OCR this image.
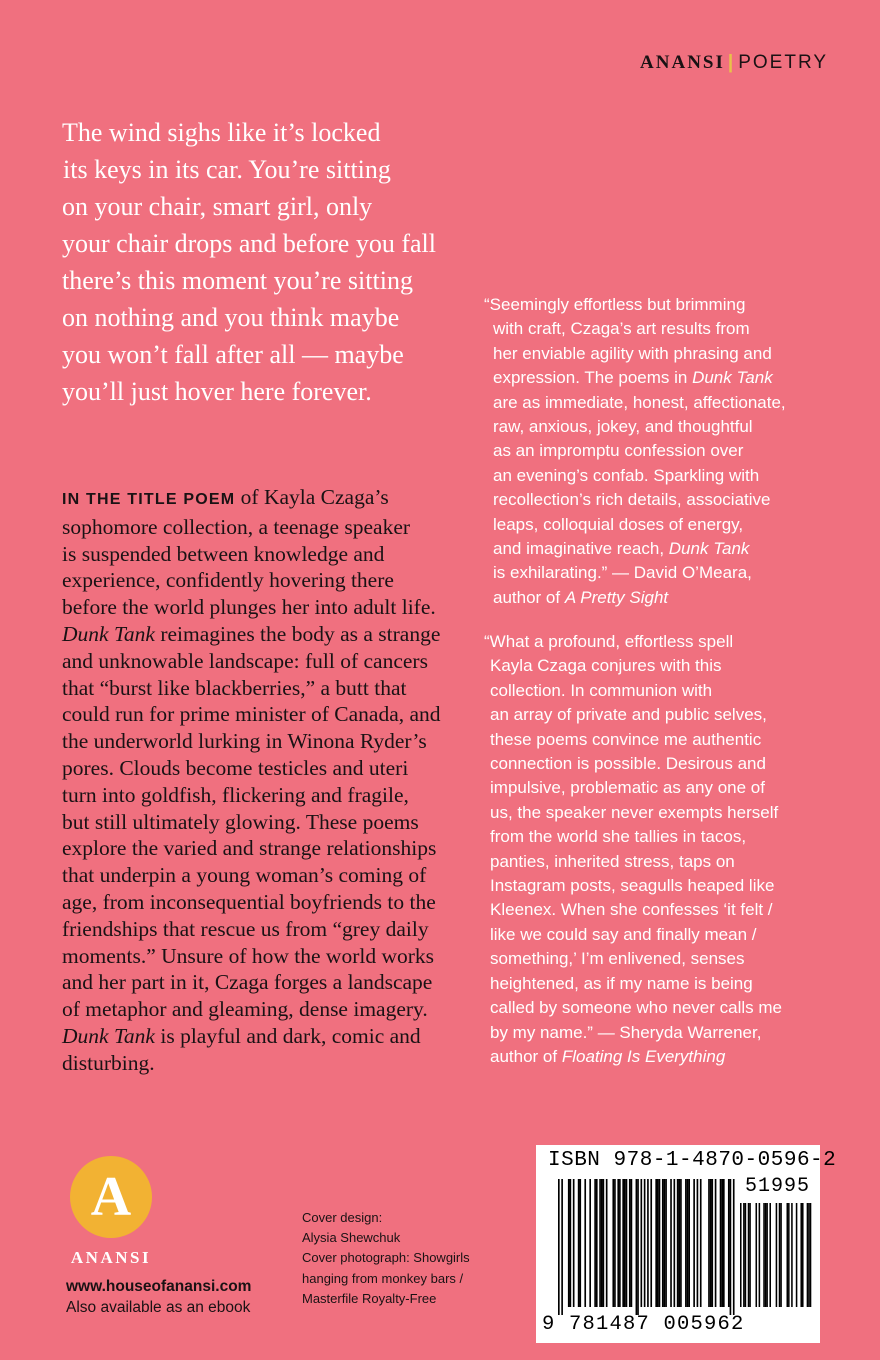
ANANSI | POETRY
The wind sighs like it’s locked
its keys in its car. You’re sitting
on your chair, smart girl, only
your chair drops and before you fall
there’s this moment you’re sitting
on nothing and you think maybe
you won’t fall after all — maybe
you’ll just hover here forever.
IN THE TITLE POEM of Kayla Czaga’s
sophomore collection, a teenage speaker
is suspended between knowledge and
experience, confidently hovering there
before the world plunges her into adult life.
Dunk Tank reimagines the body as a strange
and unknowable landscape: full of cancers
that “burst like blackberries,” a butt that
could run for prime minister of Canada, and
the underworld lurking in Winona Ryder’s
pores. Clouds become testicles and uteri
turn into goldfish, flickering and fragile,
but still ultimately glowing. These poems
explore the varied and strange relationships
that underpin a young woman’s coming of
age, from inconsequential boyfriends to the
friendships that rescue us from “grey daily
moments.” Unsure of how the world works
and her part in it, Czaga forges a landscape
of metaphor and gleaming, dense imagery.
Dunk Tank is playful and dark, comic and
disturbing.
“Seemingly effortless but brimming
with craft, Czaga’s art results from
her enviable agility with phrasing and
expression. The poems in Dunk Tank
are as immediate, honest, affectionate,
raw, anxious, jokey, and thoughtful
as an impromptu confession over
an evening’s confab. Sparkling with
recollection’s rich details, associative
leaps, colloquial doses of energy,
and imaginative reach, Dunk Tank
is exhilarating.” — David O’Meara,
author of A Pretty Sight
“What a profound, effortless spell
Kayla Czaga conjures with this
collection. In communion with
an array of private and public selves,
these poems convince me authentic
connection is possible. Desirous and
impulsive, problematic as any one of
us, the speaker never exempts herself
from the world she tallies in tacos,
panties, inherited stress, taps on
Instagram posts, seagulls heaped like
Kleenex. When she confesses ‘it felt /
like we could say and finally mean /
something,’ I’m enlivened, senses
heightened, as if my name is being
called by someone who never calls me
by my name.” — Sheryda Warrener,
author of Floating Is Everything
A
ANANSI
www.houseofanansi.com
Also available as an ebook
Cover design:
Alysia Shewchuk
Cover photograph: Showgirls
hanging from monkey bars /
Masterfile Royalty-Free
ISBN 978-1-4870-0596-2
51995
9 781487 005962
